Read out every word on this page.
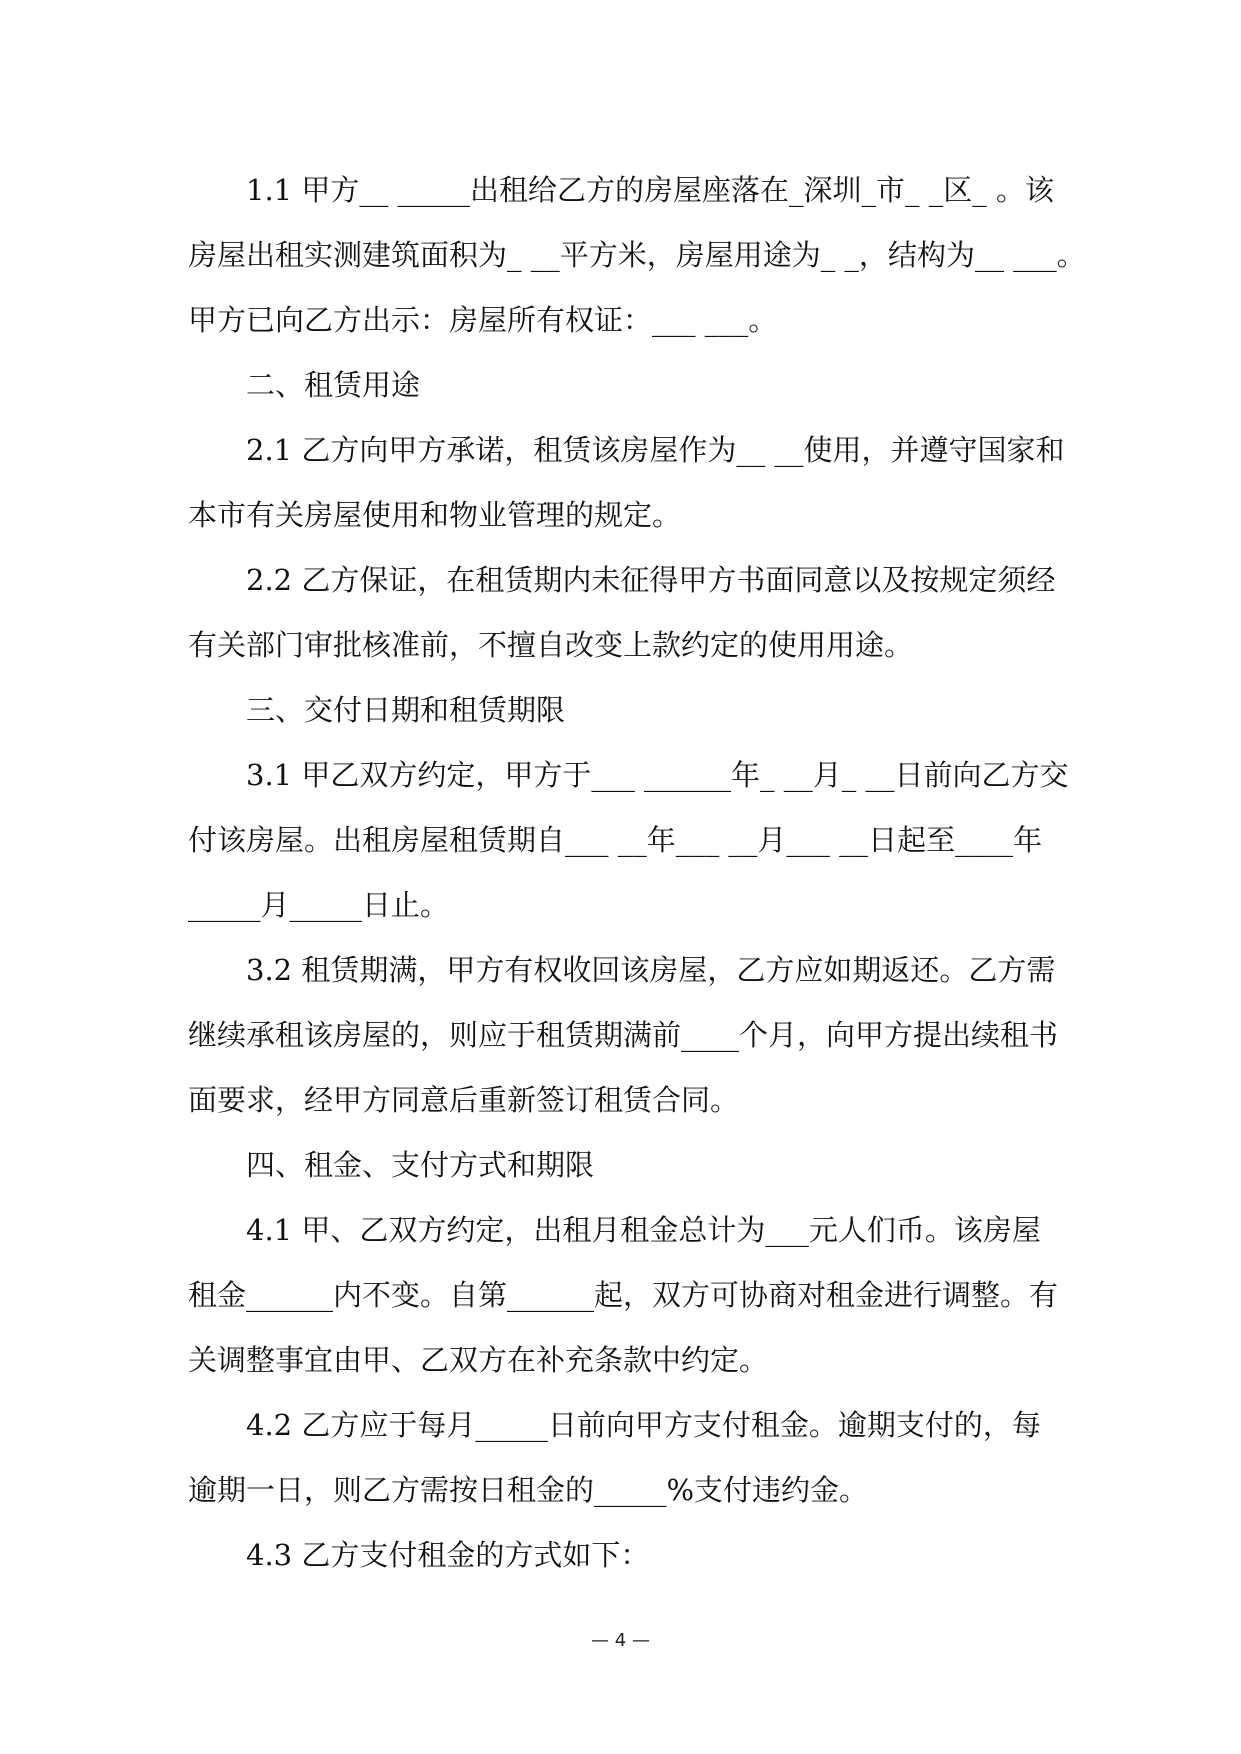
1.1 甲方__ _____出租给乙方的房屋座落在_深圳_市_ _区_ 。该
房屋出租实测建筑面积为_ __平方米，房屋用途为_ _，结构为__ ___。
甲方已向乙方出示：房屋所有权证：___ ___。
二、租赁用途
2.1 乙方向甲方承诺，租赁该房屋作为__ __使用，并遵守国家和
本市有关房屋使用和物业管理的规定。
2.2 乙方保证，在租赁期内未征得甲方书面同意以及按规定须经
有关部门审批核准前，不擅自改变上款约定的使用用途。
三、交付日期和租赁期限
3.1 甲乙双方约定，甲方于___ ______年_ __月_ __日前向乙方交
付该房屋。出租房屋租赁期自___ __年___ __月___ __日起至____年
_____月_____日止。
3.2 租赁期满，甲方有权收回该房屋，乙方应如期返还。乙方需
继续承租该房屋的，则应于租赁期满前____个月，向甲方提出续租书
面要求，经甲方同意后重新签订租赁合同。
四、租金、支付方式和期限
4.1 甲、乙双方约定，出租月租金总计为___元人们币。该房屋
租金______内不变。自第______起，双方可协商对租金进行调整。有
关调整事宜由甲、乙双方在补充条款中约定。
4.2 乙方应于每月_____日前向甲方支付租金。逾期支付的，每
逾期一日，则乙方需按日租金的_____%支付违约金。
4.3 乙方支付租金的方式如下：
— 4 —
